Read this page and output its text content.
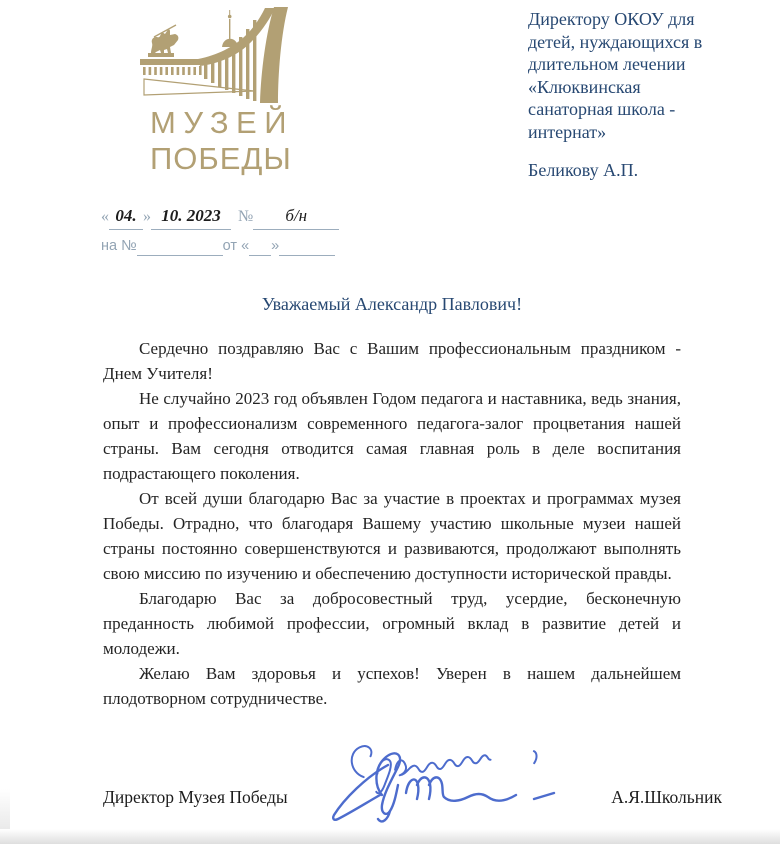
МУЗЕЙ
ПОБЕДЫ
Директору ОКОУ для
детей, нуждающихся в
длительном лечении
«Клюквинская
санаторная школа -
интернат»
Беликову А.П.
« 04. » 10. 2023 № б/н
на №	от « »
Уважаемый Александр Павлович!

Сердечно поздравляю Вас с Вашим профессиональным праздником - Днем Учителя!

Не случайно 2023 год объявлен Годом педагога и наставника, ведь знания, опыт и профессионализм современного педагога-залог процветания нашей страны. Вам сегодня отводится самая главная роль в деле воспитания подрастающего поколения.

От всей души благодарю Вас за участие в проектах и программах музея Победы. Отрадно, что благодаря Вашему участию школьные музеи нашей страны постоянно совершенствуются и развиваются, продолжают выполнять свою миссию по изучению и обеспечению доступности исторической правды.

Благодарю Вас за добросовестный труд, усердие, бесконечную преданность любимой профессии, огромный вклад в развитие детей и молодежи.

Желаю Вам здоровья и успехов! Уверен в нашем дальнейшем плодотворном сотрудничестве.

Директор Музея Победы	А.Я.Школьник
